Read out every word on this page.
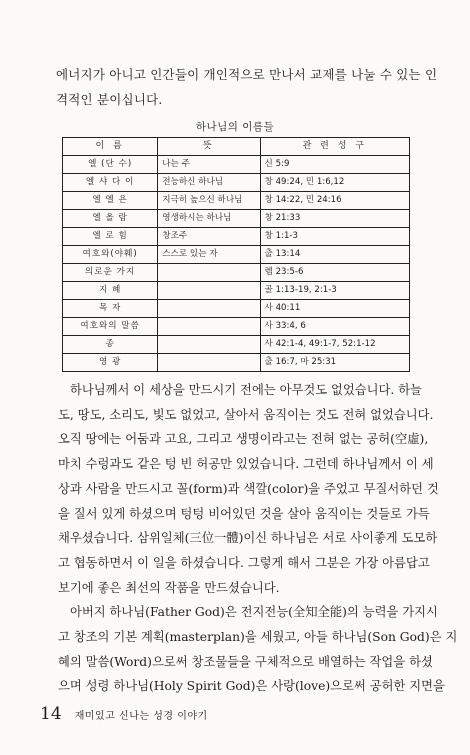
에너지가 아니고 인간들이 개인적으로 만나서 교제를 나눌 수 있는 인
격적인 분이십니다.
하나님의 이름들
이 름	뜻	관 련 성 구
엘 (단 수)	나는 주	신 5:9
엘 샤 다 이	전능하신 하나님	창 49:24, 민 1:6,12
엘 엘 욘	지극히 높으신 하나님	창 14:22, 민 24:16
엘 올 람	영생하시는 하나님	창 21:33
엘 로 힘	창조주	창 1:1-3
여호와(야훼)	스스로 있는 자	출 13:14
의로운 가지		렘 23:5-6
지 혜		골 1:13-19, 2:1-3
목 자		사 40:11
여호와의 말씀		사 33:4, 6
종		사 42:1-4, 49:1-7, 52:1-12
영 광		출 16:7, 마 25:31
하나님께서 이 세상을 만드시기 전에는 아무것도 없었습니다. 하늘
도, 땅도, 소리도, 빛도 없었고, 살아서 움직이는 것도 전혀 없었습니다.
오직 땅에는 어둠과 고요, 그리고 생명이라고는 전혀 없는 공허(空虛),
마치 수렁과도 같은 텅 빈 허공만 있었습니다. 그런데 하나님께서 이 세
상과 사람을 만드시고 꼴(form)과 색깔(color)을 주었고 무질서하던 것
을 질서 있게 하셨으며 텅텅 비어있던 것을 살아 움직이는 것들로 가득
채우셨습니다. 삼위일체(三位一體)이신 하나님은 서로 사이좋게 도모하
고 협동하면서 이 일을 하셨습니다. 그렇게 해서 그분은 가장 아름답고
보기에 좋은 최선의 작품을 만드셨습니다.
아버지 하나님(Father God)은 전지전능(全知全能)의 능력을 가지시
고 창조의 기본 계획(masterplan)을 세웠고, 아들 하나님(Son God)은 지
혜의 말씀(Word)으로써 창조물들을 구체적으로 배열하는 작업을 하셨
으며 성령 하나님(Holy Spirit God)은 사랑(love)으로써 공허한 지면을
14 재미있고 신나는 성경 이야기
